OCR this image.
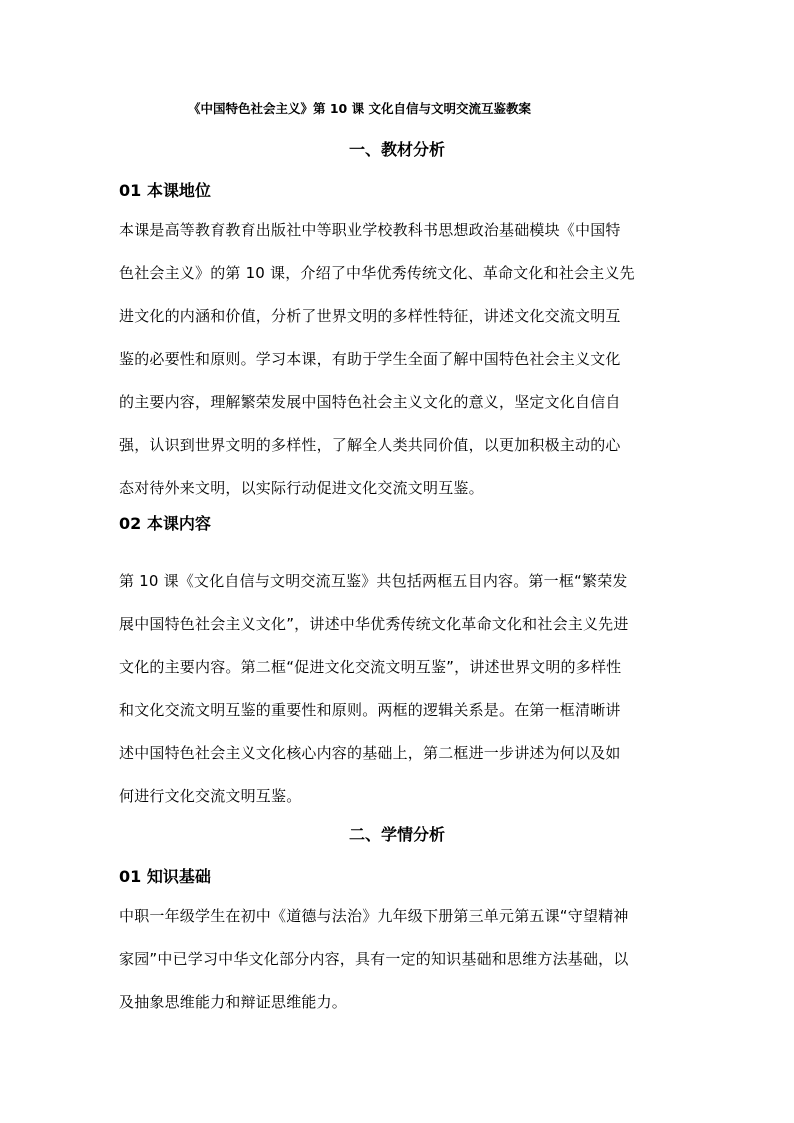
《中国特色社会主义》第 10 课 文化自信与文明交流互鉴教案
一、教材分析
01 本课地位
本课是高等教育教育出版社中等职业学校教科书思想政治基础模块《中国特
色社会主义》的第 10 课，介绍了中华优秀传统文化、革命文化和社会主义先
进文化的内涵和价值，分析了世界文明的多样性特征，讲述文化交流文明互
鉴的必要性和原则。学习本课，有助于学生全面了解中国特色社会主义文化
的主要内容，理解繁荣发展中国特色社会主义文化的意义，坚定文化自信自
强，认识到世界文明的多样性，了解全人类共同价值，以更加积极主动的心
态对待外来文明，以实际行动促进文化交流文明互鉴。
02 本课内容
第 10 课《文化自信与文明交流互鉴》共包括两框五目内容。第一框“繁荣发
展中国特色社会主义文化”，讲述中华优秀传统文化革命文化和社会主义先进
文化的主要内容。第二框“促进文化交流文明互鉴”，讲述世界文明的多样性
和文化交流文明互鉴的重要性和原则。两框的逻辑关系是。在第一框清晰讲
述中国特色社会主义文化核心内容的基础上，第二框进一步讲述为何以及如
何进行文化交流文明互鉴。
二、学情分析
01 知识基础
中职一年级学生在初中《道德与法治》九年级下册第三单元第五课“守望精神
家园”中已学习中华文化部分内容，具有一定的知识基础和思维方法基础，以
及抽象思维能力和辩证思维能力。
